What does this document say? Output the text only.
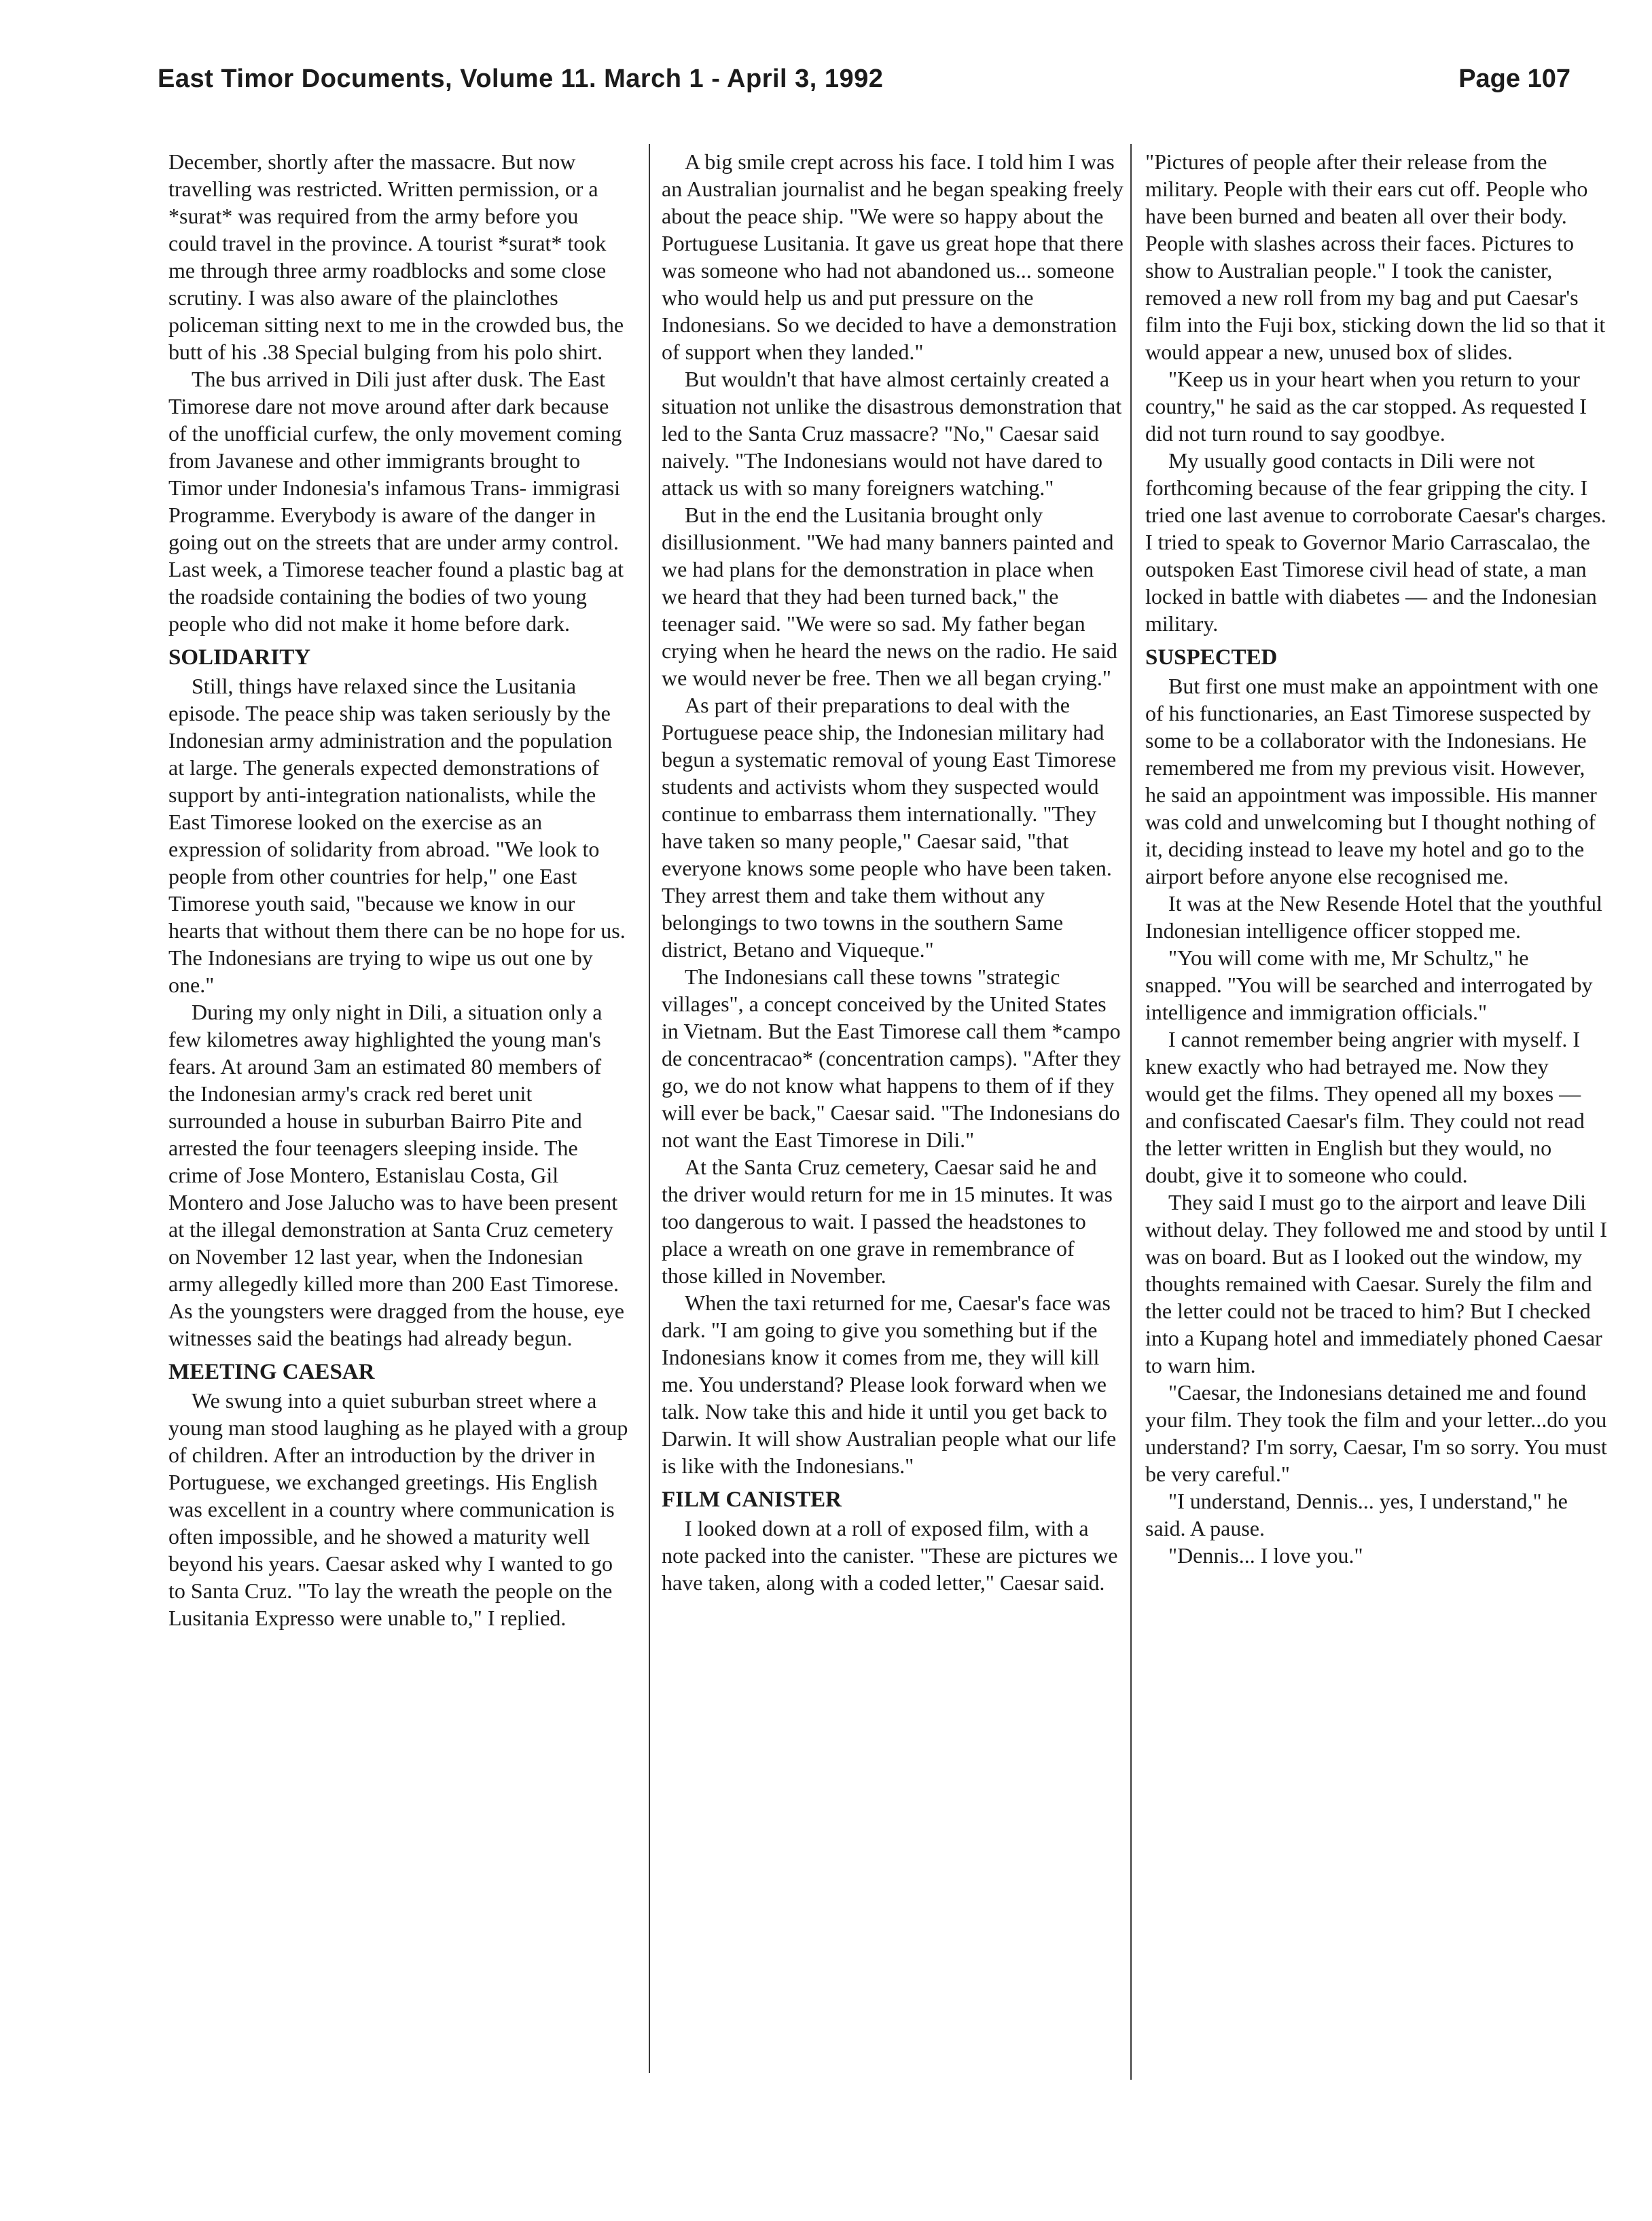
East Timor Documents, Volume 11. March 1 - April 3, 1992	Page 107

December, shortly after the massacre. But now travelling was restricted. Written permission, or a *surat* was required from the army before you could travel in the province. A tourist *surat* took me through three army roadblocks and some close scrutiny. I was also aware of the plainclothes policeman sitting next to me in the crowded bus, the butt of his .38 Special bulging from his polo shirt.

The bus arrived in Dili just after dusk. The East Timorese dare not move around after dark because of the unofficial curfew, the only movement coming from Javanese and other immigrants brought to Timor under Indonesia's infamous Trans- immigrasi Programme. Everybody is aware of the danger in going out on the streets that are under army control. Last week, a Timorese teacher found a plastic bag at the roadside containing the bodies of two young people who did not make it home before dark.

SOLIDARITY

Still, things have relaxed since the Lusitania episode. The peace ship was taken seriously by the Indonesian army administration and the population at large. The generals expected demonstrations of support by anti-integration nationalists, while the East Timorese looked on the exercise as an expression of solidarity from abroad. "We look to people from other countries for help," one East Timorese youth said, "because we know in our hearts that without them there can be no hope for us. The Indonesians are trying to wipe us out one by one."

During my only night in Dili, a situation only a few kilometres away highlighted the young man's fears. At around 3am an estimated 80 members of the Indonesian army's crack red beret unit surrounded a house in suburban Bairro Pite and arrested the four teenagers sleeping inside. The crime of Jose Montero, Estanislau Costa, Gil Montero and Jose Jalucho was to have been present at the illegal demonstration at Santa Cruz cemetery on November 12 last year, when the Indonesian army allegedly killed more than 200 East Timorese. As the youngsters were dragged from the house, eye witnesses said the beatings had already begun.

MEETING CAESAR

We swung into a quiet suburban street where a young man stood laughing as he played with a group of children. After an introduction by the driver in Portuguese, we exchanged greetings. His English was excellent in a country where communication is often impossible, and he showed a maturity well beyond his years. Caesar asked why I wanted to go to Santa Cruz. "To lay the wreath the people on the Lusitania Expresso were unable to," I replied.

A big smile crept across his face. I told him I was an Australian journalist and he began speaking freely about the peace ship. "We were so happy about the Portuguese Lusitania. It gave us great hope that there was someone who had not abandoned us... someone who would help us and put pressure on the Indonesians. So we decided to have a demonstration of support when they landed."

But wouldn't that have almost certainly created a situation not unlike the disastrous demonstration that led to the Santa Cruz massacre? "No," Caesar said naively. "The Indonesians would not have dared to attack us with so many foreigners watching."

But in the end the Lusitania brought only disillusionment. "We had many banners painted and we had plans for the demonstration in place when we heard that they had been turned back," the teenager said. "We were so sad. My father began crying when he heard the news on the radio. He said we would never be free. Then we all began crying."

As part of their preparations to deal with the Portuguese peace ship, the Indonesian military had begun a systematic removal of young East Timorese students and activists whom they suspected would continue to embarrass them internationally. "They have taken so many people," Caesar said, "that everyone knows some people who have been taken. They arrest them and take them without any belongings to two towns in the southern Same district, Betano and Viqueque."

The Indonesians call these towns "strategic villages", a concept conceived by the United States in Vietnam. But the East Timorese call them *campo de concentracao* (concentration camps). "After they go, we do not know what happens to them of if they will ever be back," Caesar said. "The Indonesians do not want the East Timorese in Dili."

At the Santa Cruz cemetery, Caesar said he and the driver would return for me in 15 minutes. It was too dangerous to wait. I passed the headstones to place a wreath on one grave in remembrance of those killed in November.

When the taxi returned for me, Caesar's face was dark. "I am going to give you something but if the Indonesians know it comes from me, they will kill me. You understand? Please look forward when we talk. Now take this and hide it until you get back to Darwin. It will show Australian people what our life is like with the Indonesians."

FILM CANISTER

I looked down at a roll of exposed film, with a note packed into the canister. "These are pictures we have taken, along with a coded letter," Caesar said.

"Pictures of people after their release from the military. People with their ears cut off. People who have been burned and beaten all over their body. People with slashes across their faces. Pictures to show to Australian people." I took the canister, removed a new roll from my bag and put Caesar's film into the Fuji box, sticking down the lid so that it would appear a new, unused box of slides.

"Keep us in your heart when you return to your country," he said as the car stopped. As requested I did not turn round to say goodbye.

My usually good contacts in Dili were not forthcoming because of the fear gripping the city. I tried one last avenue to corroborate Caesar's charges. I tried to speak to Governor Mario Carrascalao, the outspoken East Timorese civil head of state, a man locked in battle with diabetes — and the Indonesian military.

SUSPECTED

But first one must make an appointment with one of his functionaries, an East Timorese suspected by some to be a collaborator with the Indonesians. He remembered me from my previous visit. However, he said an appointment was impossible. His manner was cold and unwelcoming but I thought nothing of it, deciding instead to leave my hotel and go to the airport before anyone else recognised me.

It was at the New Resende Hotel that the youthful Indonesian intelligence officer stopped me.

"You will come with me, Mr Schultz," he snapped. "You will be searched and interrogated by intelligence and immigration officials."

I cannot remember being angrier with myself. I knew exactly who had betrayed me. Now they would get the films. They opened all my boxes — and confiscated Caesar's film. They could not read the letter written in English but they would, no doubt, give it to someone who could.

They said I must go to the airport and leave Dili without delay. They followed me and stood by until I was on board. But as I looked out the window, my thoughts remained with Caesar. Surely the film and the letter could not be traced to him? But I checked into a Kupang hotel and immediately phoned Caesar to warn him.

"Caesar, the Indonesians detained me and found your film. They took the film and your letter...do you understand? I'm sorry, Caesar, I'm so sorry. You must be very careful."

"I understand, Dennis... yes, I understand," he said. A pause.

"Dennis... I love you."
